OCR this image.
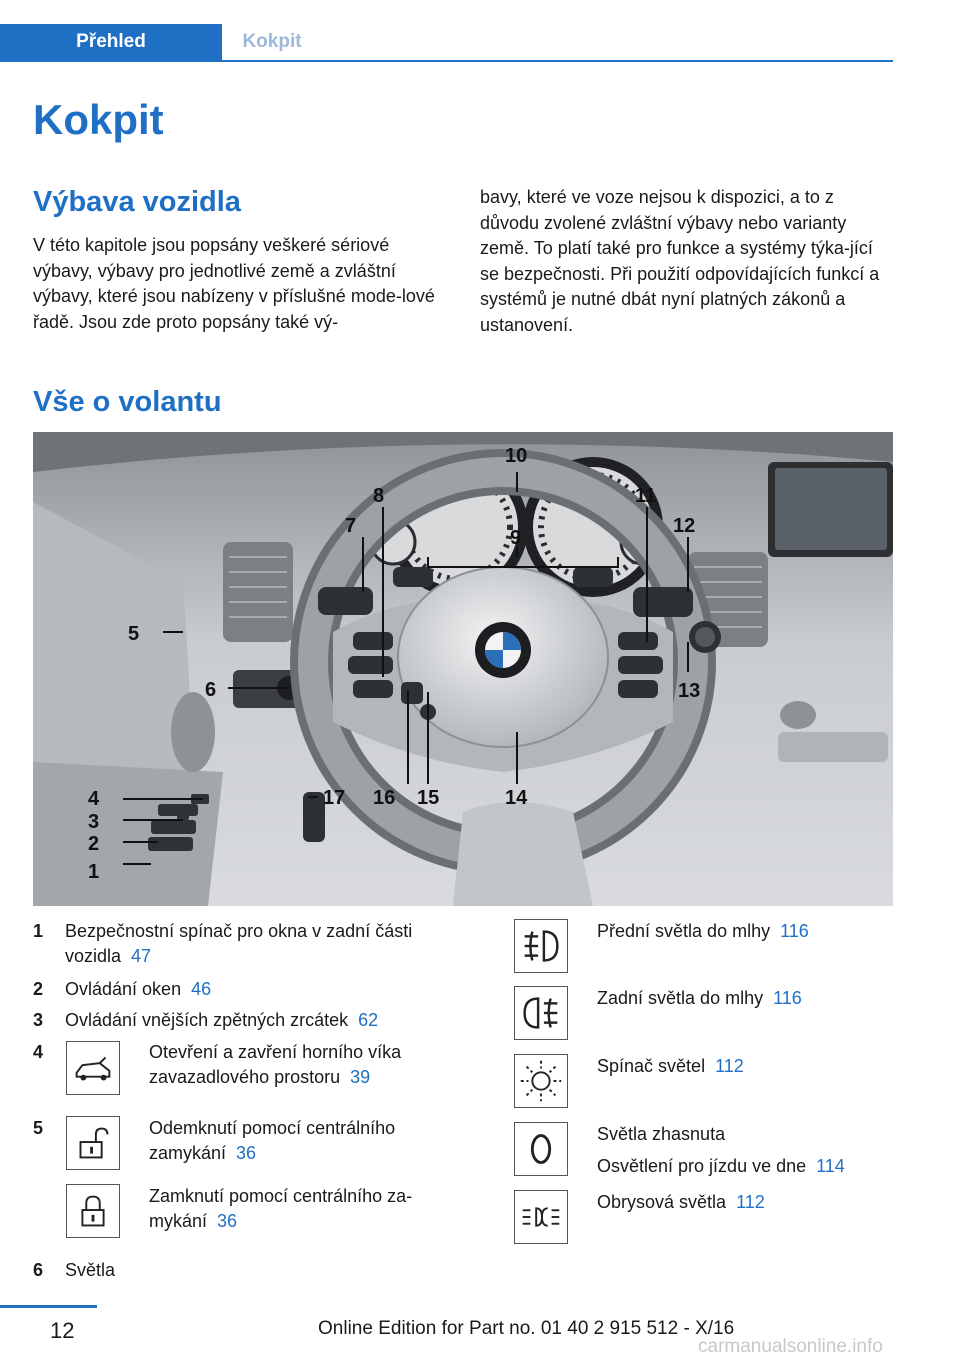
Přehled	Kokpit
Kokpit
Výbava vozidla

V této kapitole jsou popsány veškeré sériové výbavy, výbavy pro jednotlivé země a zvláštní výbavy, které jsou nabízeny v příslušné mode‐lové řadě. Jsou zde proto popsány také vý‐

bavy, které ve voze nejsou k dispozici, a to z důvodu zvolené zvláštní výbavy nebo varianty země. To platí také pro funkce a systémy týka‐jící se bezpečnosti. Při použití odpovídajících funkcí a systémů je nutné dbát nyní platných zákonů a ustanovení.

Vše o volantu
1
2
3
4
5
6
7
8
9
10
11
12
13
14
15
16
17
1	Bezpečnostní spínač pro okna v zadní části vozidla 47
2	Ovládání oken 46
3	Ovládání vnějších zpětných zrcátek 62
4	Otevření a zavření horního víka zavazadlového prostoru 39
5	Odemknutí pomocí centrálního zamykání 36
Zamknutí pomocí centrálního za‐mykání 36
6	Světla
Přední světla do mlhy 116
Zadní světla do mlhy 116
Spínač světel 112
Světla zhasnuta
Osvětlení pro jízdu ve dne 114
Obrysová světla 112
12	Online Edition for Part no. 01 40 2 915 512 - X/16
carmanualsonline.info
